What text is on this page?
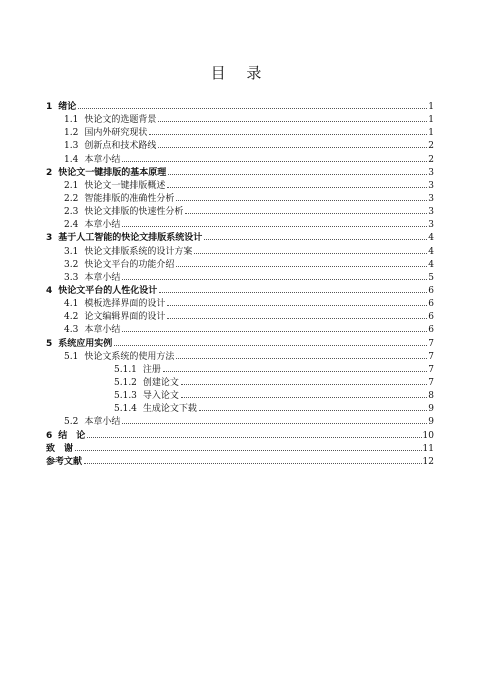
目 录
1 绪论	1
1.1 快论文的选题背景	1
1.2 国内外研究现状	1
1.3 创新点和技术路线	2
1.4 本章小结	2
2 快论文一键排版的基本原理	3
2.1 快论文一键排版概述	3
2.2 智能排版的准确性分析	3
2.3 快论文排版的快速性分析	3
2.4 本章小结	3
3 基于人工智能的快论文排版系统设计	4
3.1 快论文排版系统的设计方案	4
3.2 快论文平台的功能介绍	4
3.3 本章小结	5
4 快论文平台的人性化设计	6
4.1 模板选择界面的设计	6
4.2 论文编辑界面的设计	6
4.3 本章小结	6
5 系统应用实例	7
5.1 快论文系统的使用方法	7
5.1.1 注册	7
5.1.2 创建论文	7
5.1.3 导入论文	8
5.1.4 生成论文下载	9
5.2 本章小结	9
6 结　论	10
致　谢	11
参考文献	12
